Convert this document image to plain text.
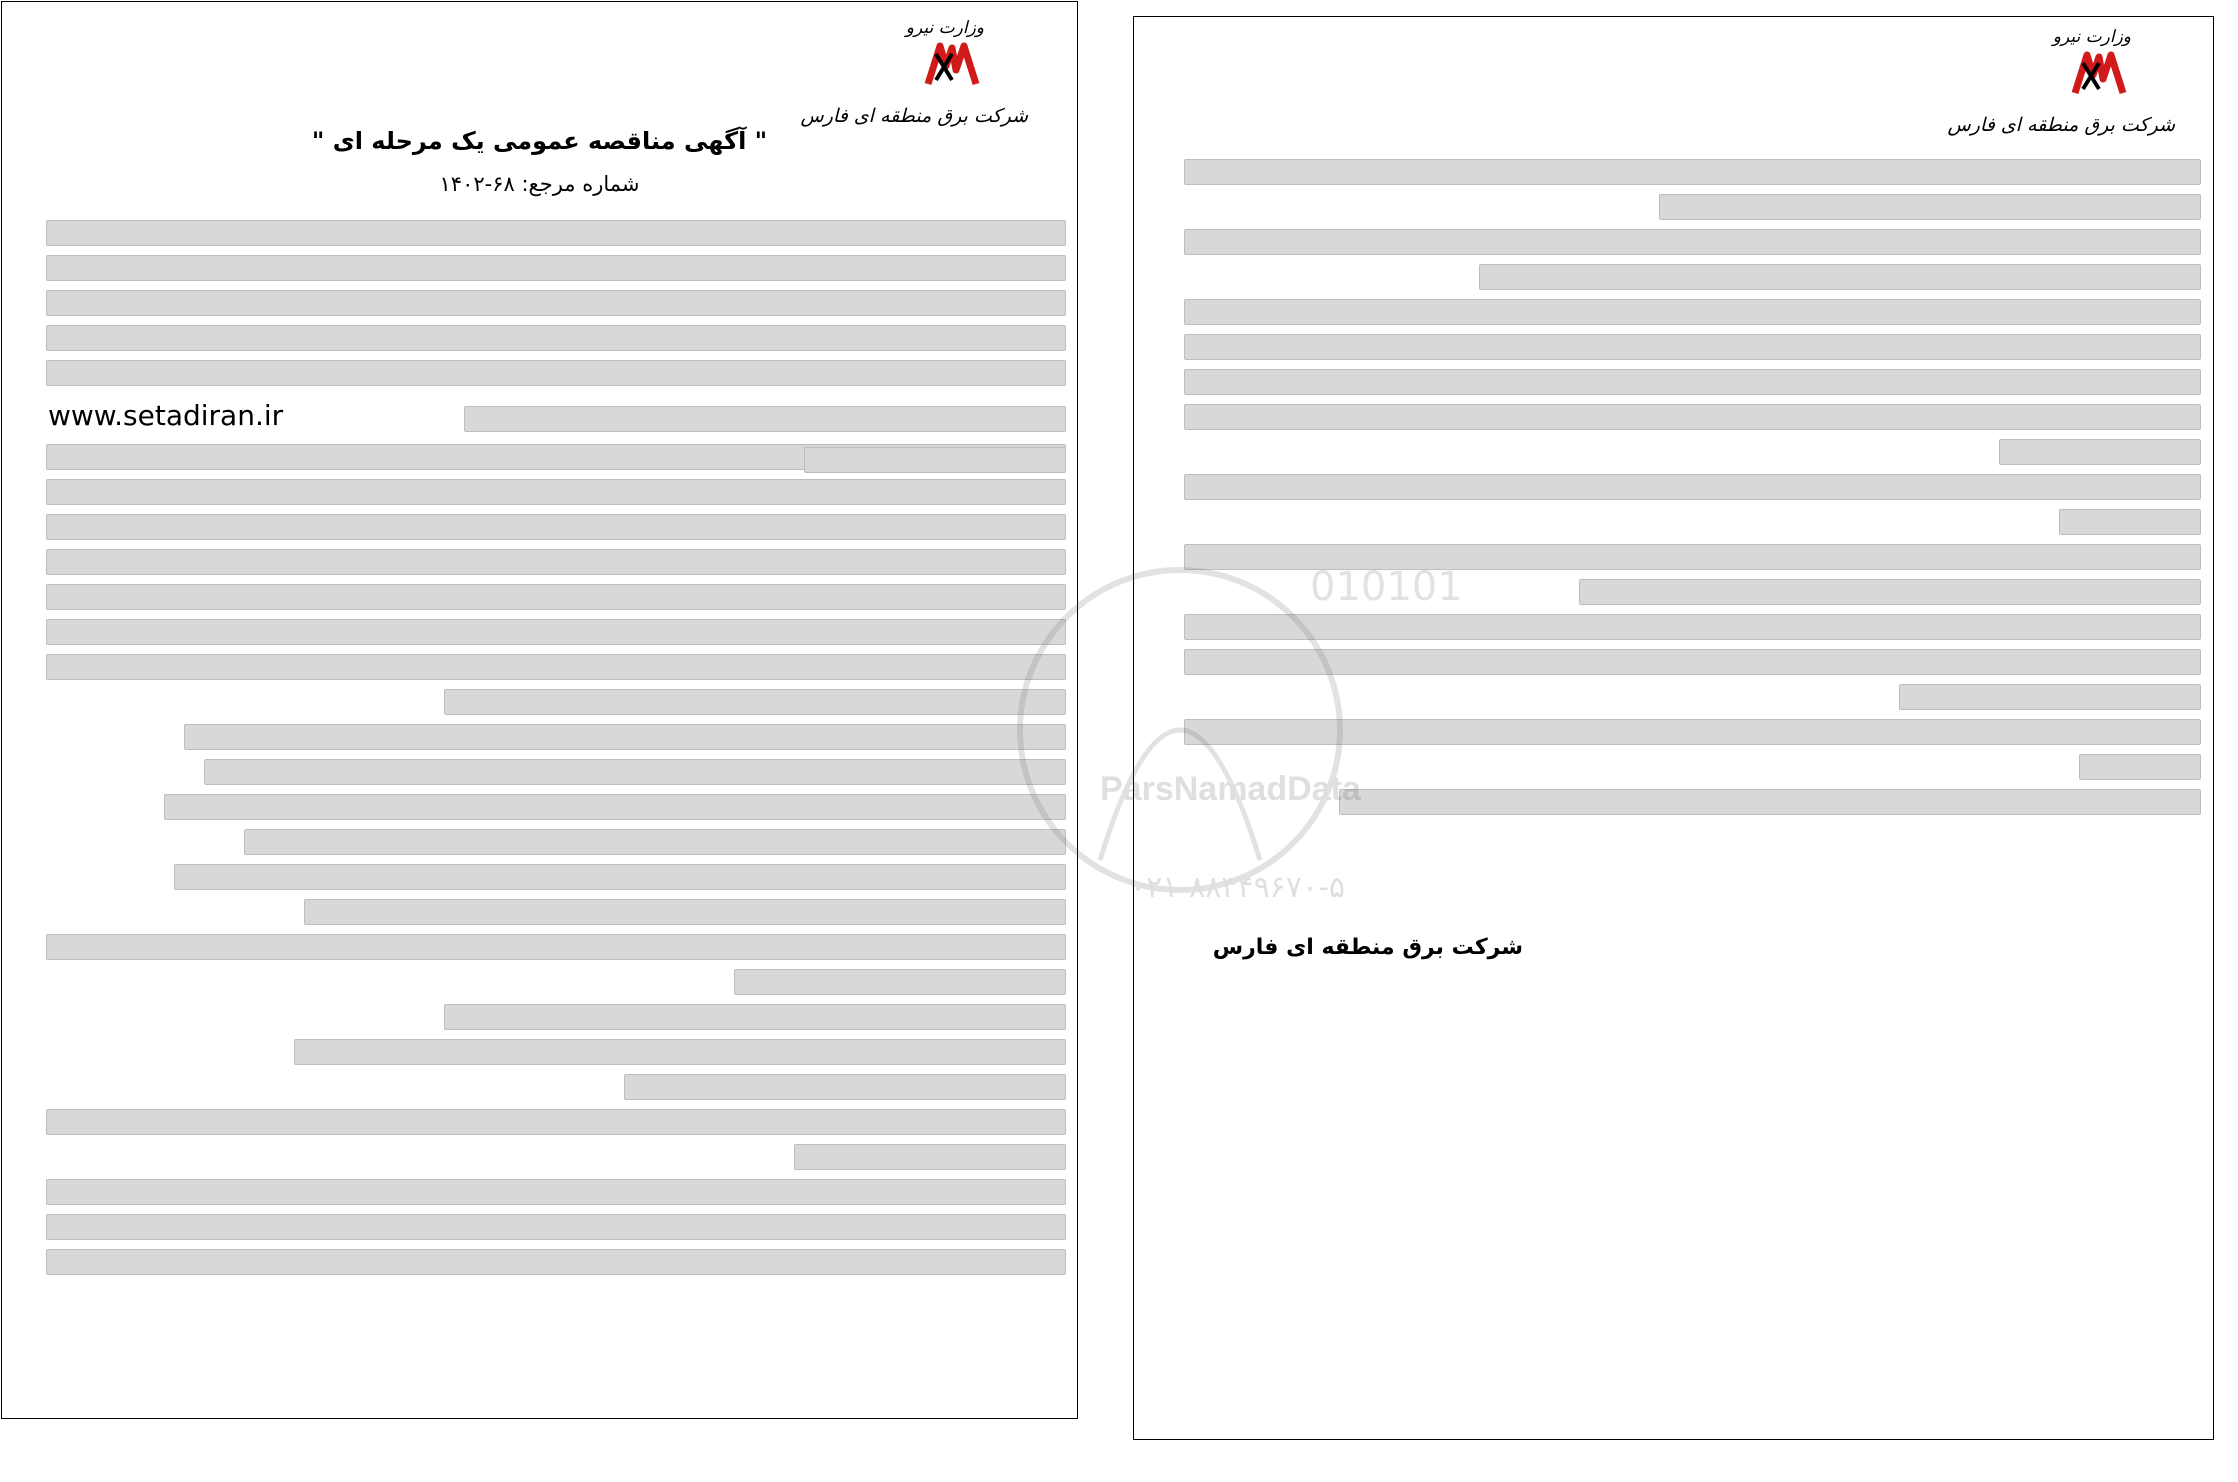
وزارت نیرو
شرکت برق منطقه ای فارس
" آگهی مناقصه عمومی یک مرحله ای "
شماره مرجع: ۶۸-۱۴۰۲
www.setadiran.ir
وزارت نیرو
شرکت برق منطقه ای فارس
شرکت برق منطقه ای فارس
